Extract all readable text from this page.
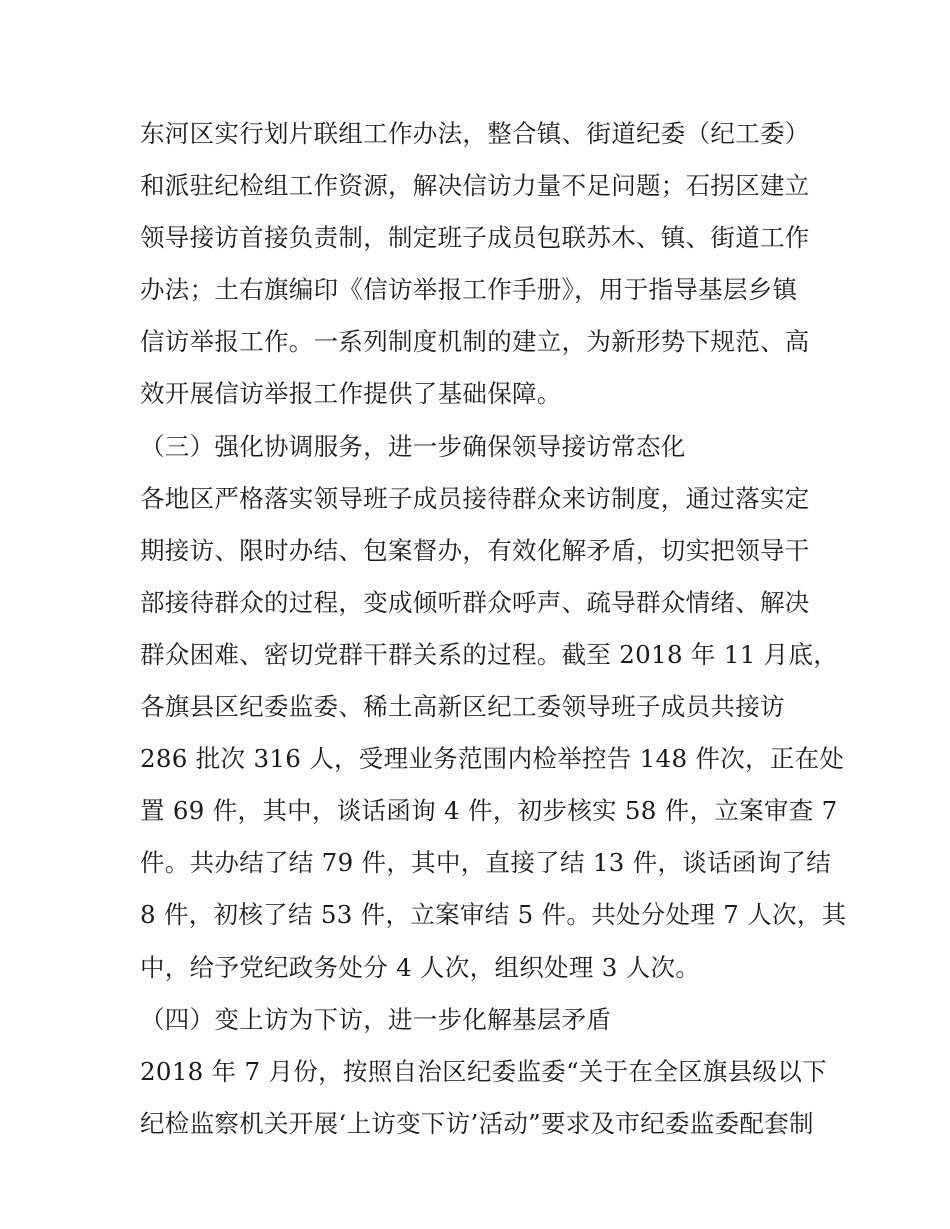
东河区实行划片联组工作办法，整合镇、街道纪委（纪工委）
和派驻纪检组工作资源，解决信访力量不足问题；石拐区建立
领导接访首接负责制，制定班子成员包联苏木、镇、街道工作
办法；土右旗编印《信访举报工作手册》，用于指导基层乡镇
信访举报工作。一系列制度机制的建立，为新形势下规范、高
效开展信访举报工作提供了基础保障。
（三）强化协调服务，进一步确保领导接访常态化
各地区严格落实领导班子成员接待群众来访制度，通过落实定
期接访、限时办结、包案督办，有效化解矛盾，切实把领导干
部接待群众的过程，变成倾听群众呼声、疏导群众情绪、解决
群众困难、密切党群干群关系的过程。截至 2018 年 11 月底，
各旗县区纪委监委、稀土高新区纪工委领导班子成员共接访
286 批次 316 人，受理业务范围内检举控告 148 件次，正在处
置 69 件，其中，谈话函询 4 件，初步核实 58 件，立案审查 7
件。共办结了结 79 件，其中，直接了结 13 件，谈话函询了结
8 件，初核了结 53 件，立案审结 5 件。共处分处理 7 人次，其
中，给予党纪政务处分 4 人次，组织处理 3 人次。
（四）变上访为下访，进一步化解基层矛盾
2018 年 7 月份，按照自治区纪委监委“关于在全区旗县级以下
纪检监察机关开展‘上访变下访’活动”要求及市纪委监委配套制
